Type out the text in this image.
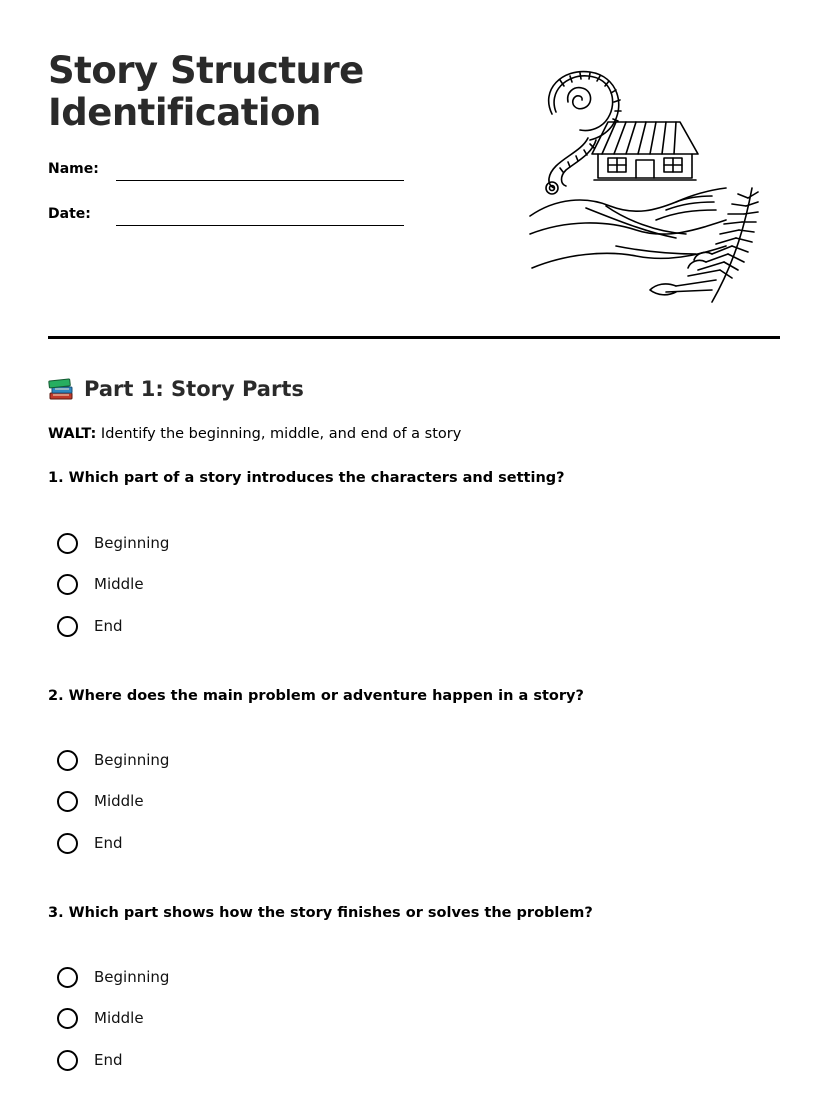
Story Structure
Identification
Name:
Date:
Part 1: Story Parts
WALT: Identify the beginning, middle, and end of a story

1. Which part of a story introduces the characters and setting?

Beginning
Middle
End

2. Where does the main problem or adventure happen in a story?

Beginning
Middle
End

3. Which part shows how the story finishes or solves the problem?

Beginning
Middle
End
